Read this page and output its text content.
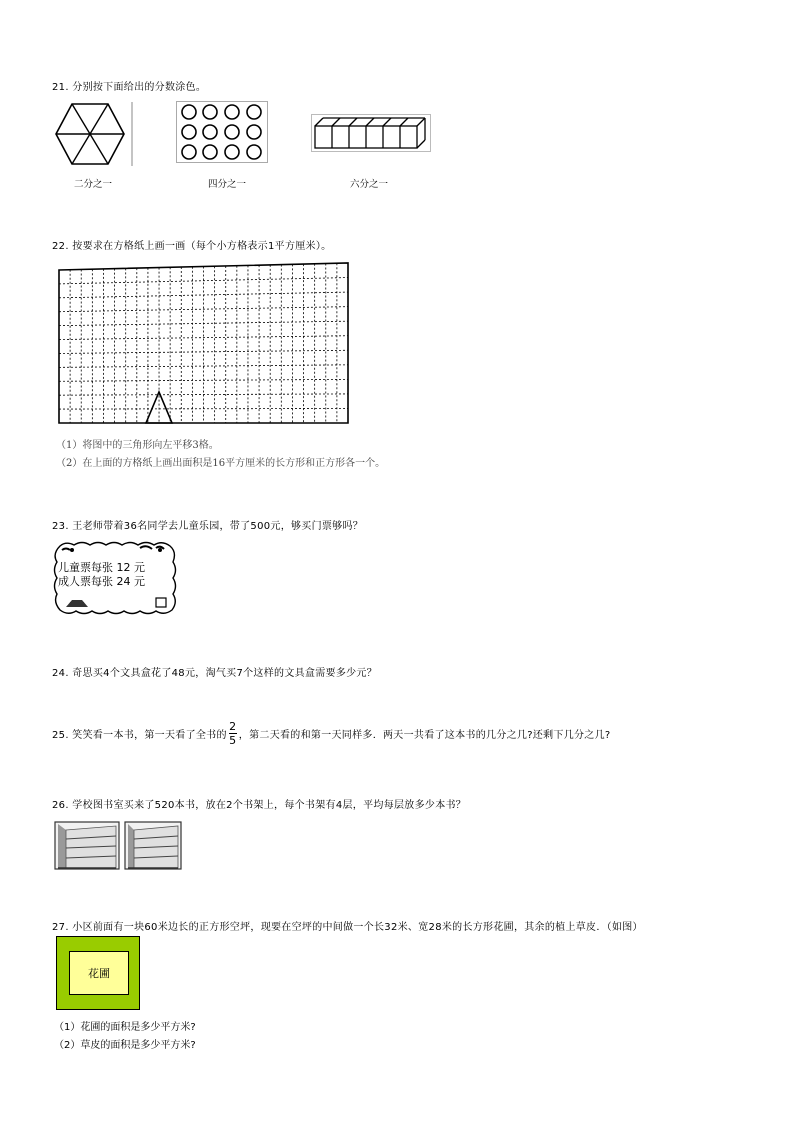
21. 分别按下面给出的分数涂色。
二分之一	四分之一	六分之一
22. 按要求在方格纸上画一画（每个小方格表示1平方厘米）。
（1）将图中的三角形向左平移3格。
（2）在上面的方格纸上画出面积是16平方厘米的长方形和正方形各一个。
23. 王老师带着36名同学去儿童乐园，带了500元，够买门票够吗？
儿童票每张 12 元
成人票每张 24 元
24. 奇思买4个文具盒花了48元，淘气买7个这样的文具盒需要多少元？
25. 笑笑看一本书，第一天看了全书的 $\frac{2}{5}$ ，第二天看的和第一天同样多．两天一共看了这本书的几分之几?还剩下几分之几?
26. 学校图书室买来了520本书，放在2个书架上，每个书架有4层，平均每层放多少本书？
27. 小区前面有一块60米边长的正方形空坪，现要在空坪的中间做一个长32米、宽28米的长方形花圃，其余的植上草皮．（如图）
花圃
（1）花圃的面积是多少平方米?
（2）草皮的面积是多少平方米?
